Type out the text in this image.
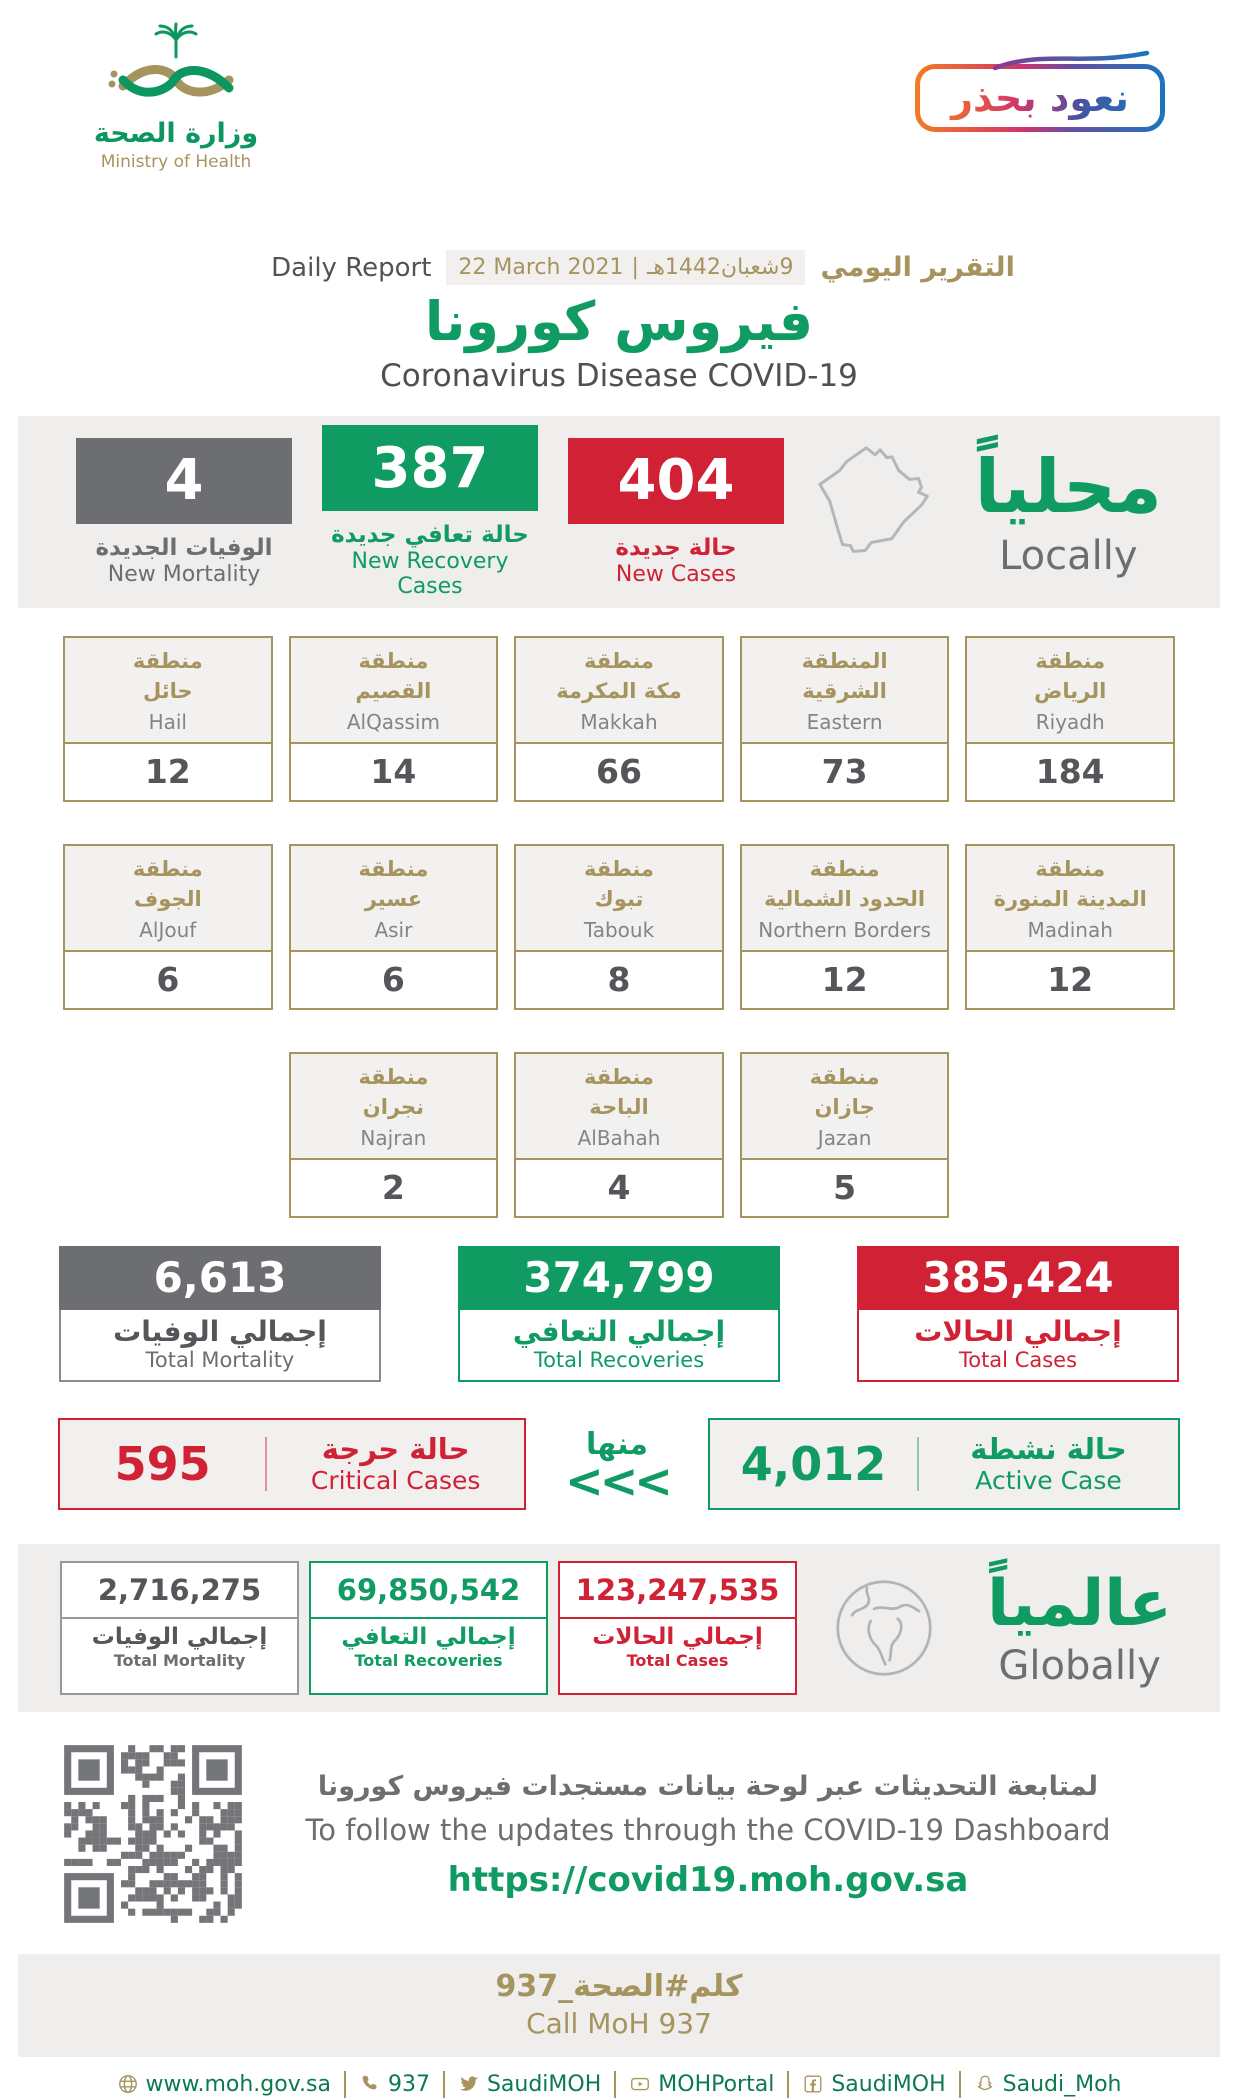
وزارة الصحة
Ministry of Health
نعود بحذر
Daily Report 22 March 2021 | 9شعبان1442هـ التقرير اليومي
فيروس كورونا
Coronavirus Disease COVID-19
4
الوفيات الجديدة
New Mortality
387
حالة تعافي جديدة
New Recovery Cases
404
حالة جديدة
New Cases
محلياً
Locally
منطقة
حائل
Hail
12
منطقة
القصيم
AlQassim
14
منطقة
مكة المكرمة
Makkah
66
المنطقة
الشرقية
Eastern
73
منطقة
الرياض
Riyadh
184
منطقة
الجوف
AlJouf
6
منطقة
عسير
Asir
6
منطقة
تبوك
Tabouk
8
منطقة
الحدود الشمالية
Northern Borders
12
منطقة
المدينة المنورة
Madinah
12
منطقة
نجران
Najran
2
منطقة
الباحة
AlBahah
4
منطقة
جازان
Jazan
5
6,613
إجمالي الوفيات
Total Mortality
374,799
إجمالي التعافي
Total Recoveries
385,424
إجمالي الحالات
Total Cases
595	حالة حرجة
Critical Cases
منها
<<<	4,012	حالة نشطة
Active Case
2,716,275
إجمالي الوفيات
Total Mortality
69,850,542
إجمالي التعافي
Total Recoveries
123,247,535
إجمالي الحالات
Total Cases
عالمياً
Globally
لمتابعة التحديثات عبر لوحة بيانات مستجدات فيروس كورونا
To follow the updates through the COVID-19 Dashboard
https://covid19.moh.gov.sa
كلم#الصحة_937
Call MoH 937
www.moh.gov.sa	937	SaudiMOH	MOHPortal	SaudiMOH	Saudi_Moh
